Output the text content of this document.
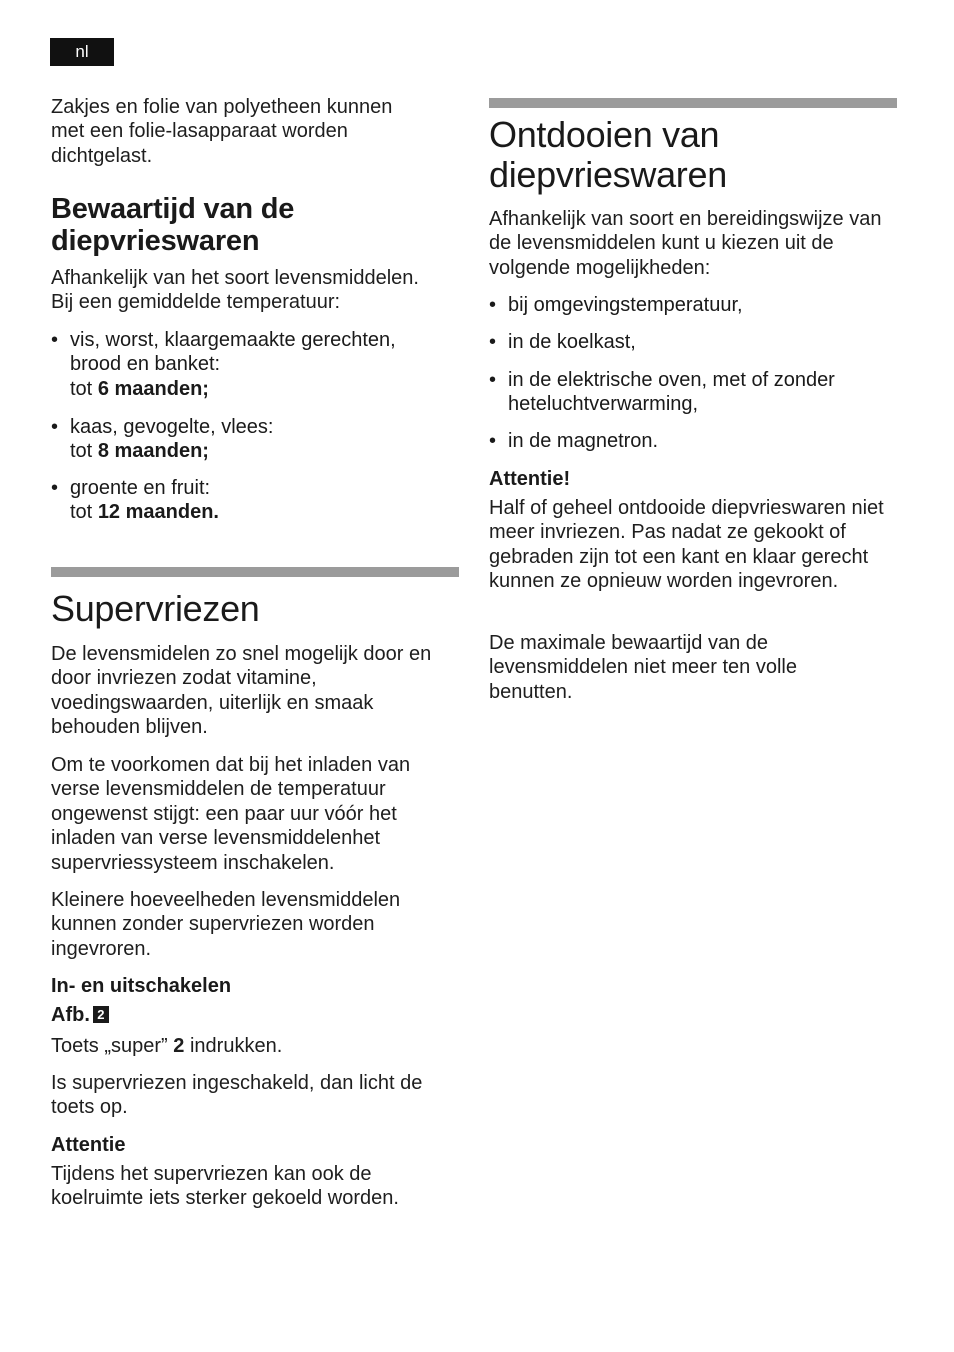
nl

Zakjes en folie van polyetheen kunnen met een folie-lasapparaat worden dichtgelast.

Bewaartijd van de
diepvrieswaren

Afhankelijk van het soort levensmiddelen.
Bij een gemiddelde temperatuur:

• vis, worst, klaargemaakte gerechten,
brood en banket:
tot 6 maanden;
• kaas, gevogelte, vlees:
tot 8 maanden;
• groente en fruit:
tot 12 maanden.
Supervriezen

De levensmidelen zo snel mogelijk door en door invriezen zodat vitamine, voedingswaarden, uiterlijk en smaak behouden blijven.

Om te voorkomen dat bij het inladen van verse levensmiddelen de temperatuur ongewenst stijgt: een paar uur vóór het inladen van verse levensmiddelenhet supervriessysteem inschakelen.

Kleinere hoeveelheden levensmiddelen kunnen zonder supervriezen worden ingevroren.

In- en uitschakelen
Afb. 2

Toets „super” 2 indrukken.

Is supervriezen ingeschakeld, dan licht de toets op.

Attentie

Tijdens het supervriezen kan ook de koelruimte iets sterker gekoeld worden.

Ontdooien van
diepvrieswaren

Afhankelijk van soort en bereidingswijze van de levensmiddelen kunt u kiezen uit de volgende mogelijkheden:

• bij omgevingstemperatuur,
• in de koelkast,
• in de elektrische oven, met of zonder
heteluchtverwarming,
• in de magnetron.
Attentie!

Half of geheel ontdooide diepvrieswaren niet meer invriezen. Pas nadat ze gekookt of gebraden zijn tot een kant en klaar gerecht kunnen ze opnieuw worden ingevroren.

De maximale bewaartijd van de levensmiddelen niet meer ten volle benutten.
